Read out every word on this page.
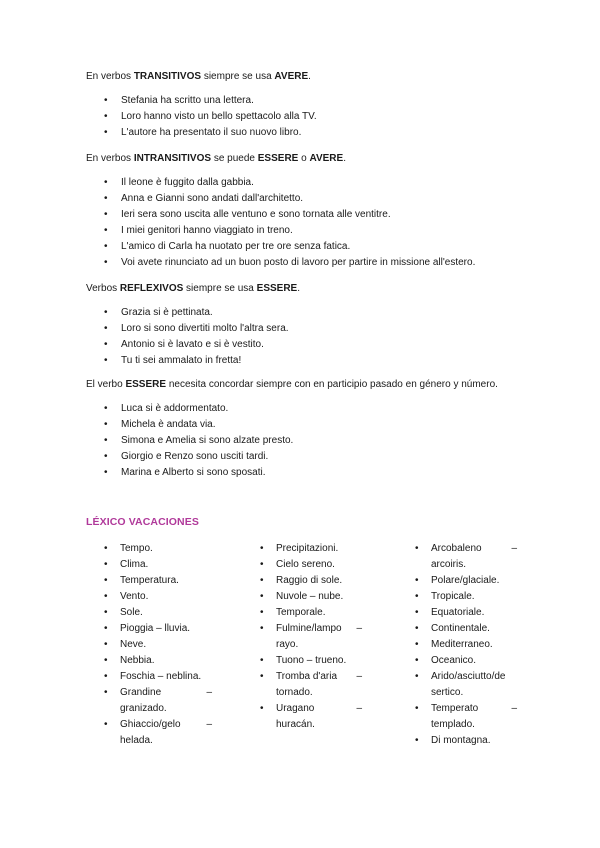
En verbos TRANSITIVOS siempre se usa AVERE.

• Stefania ha scritto una lettera.
• Loro hanno visto un bello spettacolo alla TV.
• L'autore ha presentato il suo nuovo libro.

En verbos INTRANSITIVOS se puede ESSERE o AVERE.

• Il leone è fuggito dalla gabbia.
• Anna e Gianni sono andati dall'architetto.
• Ieri sera sono uscita alle ventuno e sono tornata alle ventitre.
• I miei genitori hanno viaggiato in treno.
• L'amico di Carla ha nuotato per tre ore senza fatica.
• Voi avete rinunciato ad un buon posto di lavoro per partire in missione all'estero.

Verbos REFLEXIVOS siempre se usa ESSERE.

• Grazia si è pettinata.
• Loro si sono divertiti molto l'altra sera.
• Antonio si è lavato e si è vestito.
• Tu ti sei ammalato in fretta!

El verbo ESSERE necesita concordar siempre con en participio pasado en género y número.

• Luca si è addormentato.
• Michela è andata via.
• Simona e Amelia si sono alzate presto.
• Giorgio e Renzo sono usciti tardi.
• Marina e Alberto si sono sposati.
LÉXICO VACACIONES
• Tempo.
• Clima.
• Temperatura.
• Vento.
• Sole.
• Pioggia – lluvia.
• Neve.
• Nebbia.
• Foschia – neblina.
• Grandine	–
granizado.
• Ghiaccio/gelo	–
helada.
• Precipitazioni.
• Cielo sereno.
• Raggio di sole.
• Nuvole – nube.
• Temporale.
• Fulmine/lampo –
rayo.
• Tuono – trueno.
• Tromba d'aria –
tornado.
• Uragano	–
huracán.
• Arcobaleno	–
arcoiris.
• Polare/glaciale.
• Tropicale.
• Equatoriale.
• Continentale.
• Mediterraneo.
• Oceanico.
• Arido/asciutto/de
sertico.
• Temperato	–
templado.
• Di montagna.
